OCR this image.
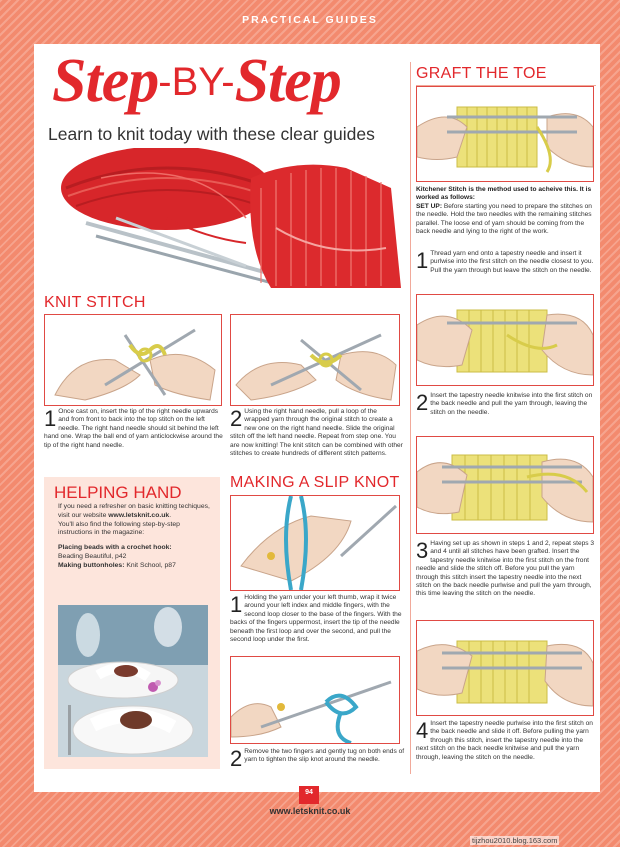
PRACTICAL GUIDES
Step-BY-Step
Learn to knit today with these clear guides
KNIT STITCH
1 Once cast on, insert the tip of the right needle upwards and from front to back into the top stitch on the left needle. The right hand needle should sit behind the left hand one. Wrap the ball end of yarn anticlockwise around the tip of the right hand needle.
2 Using the right hand needle, pull a loop of the wrapped yarn through the original stitch to create a new one on the right hand needle. Slide the original stitch off the left hand needle. Repeat from step one. You are now knitting! The knit stitch can be combined with other stitches to create hundreds of different stitch patterns.
HELPING HAND

If you need a refresher on basic knitting techiques, visit our website www.letsknit.co.uk.

You'll also find the following step-by-step instructions in the magazine:

Placing beads with a crochet hook:
Beading Beautiful, p42

Making buttonholes: Knit School, p87

MAKING A SLIP KNOT
1 Holding the yarn under your left thumb, wrap it twice around your left index and middle fingers, with the second loop closer to the base of the fingers. With the backs of the fingers uppermost, insert the tip of the needle beneath the first loop and over the second, and pull the second loop under the first.
2 Remove the two fingers and gently tug on both ends of yarn to tighten the slip knot around the needle.
GRAFT THE TOE
Kitchener Stitch is the method used to acheive this. It is worked as follows:
SET UP: Before starting you need to prepare the stitches on the needle. Hold the two needles with the remaining stitches parallel. The loose end of yarn should be coming from the back needle and lying to the right of the work.
1 Thread yarn end onto a tapestry needle and insert it purlwise into the first stitch on the needle closest to you. Pull the yarn through but leave the stitch on the needle.
2 Insert the tapestry needle knitwise into the first stitch on the back needle and pull the yarn through, leaving the stitch on the needle.
3 Having set up as shown in steps 1 and 2, repeat steps 3 and 4 until all stitches have been grafted. Insert the tapestry needle knitwise into the first stitch on the front needle and slide the stitch off. Before you pull the yarn through this stitch insert the tapestry needle into the next stitch on the back needle purlwise and pull the yarn through, this time leaving the stitch on the needle.
4 Insert the tapestry needle purlwise into the first stitch on the back needle and slide it off. Before pulling the yarn through this stitch, insert the tapestry needle into the next stitch on the back needle knitwise and pull the yarn through, leaving the stitch on the needle.
94
www.letsknit.co.uk
tijzhou2010.blog.163.com
